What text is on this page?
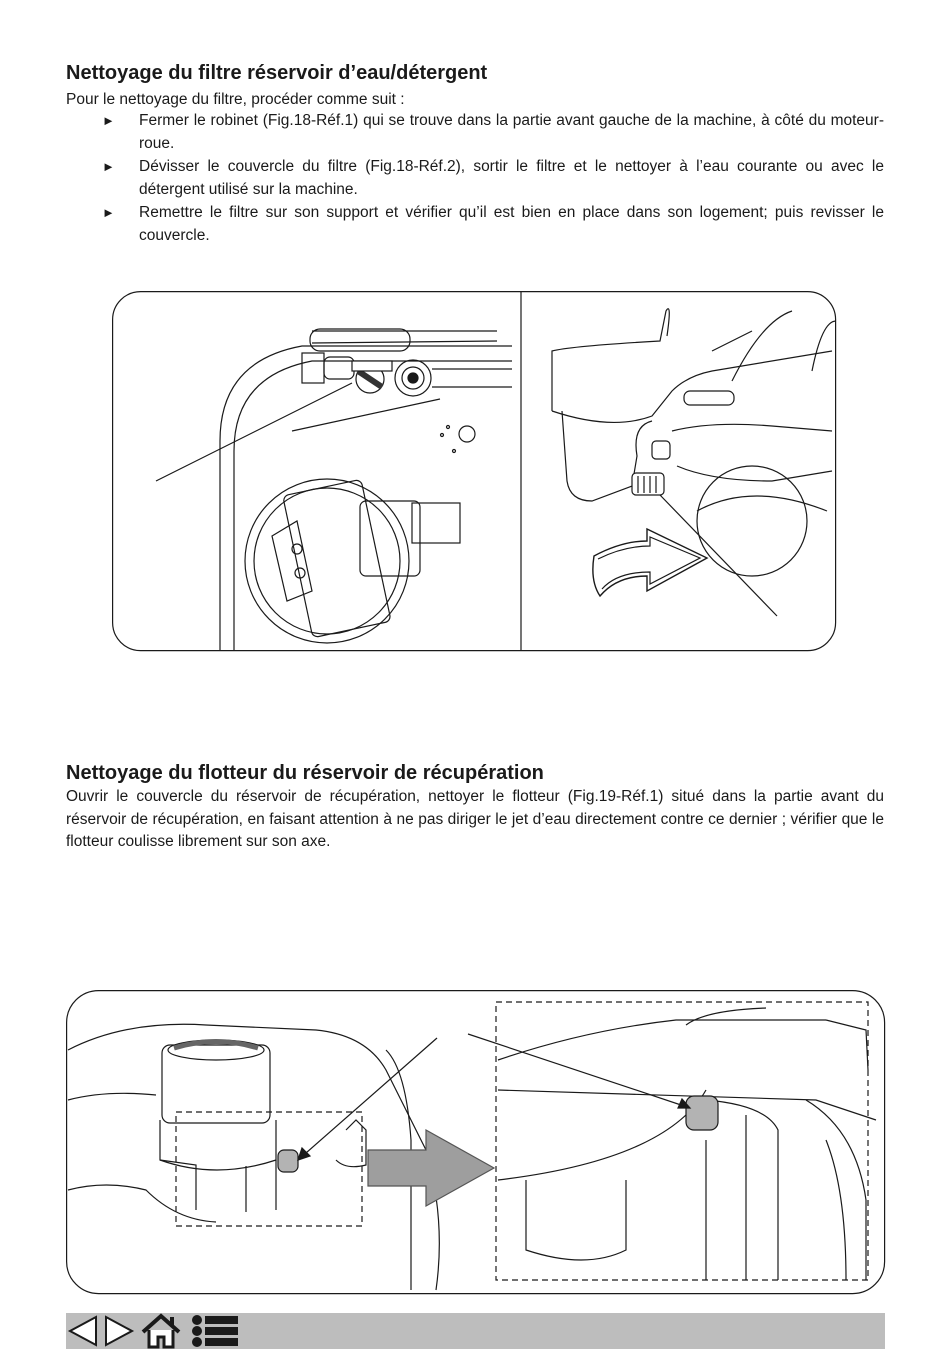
Nettoyage du filtre réservoir d’eau/détergent

Pour le nettoyage du filtre, procéder comme suit :

► Fermer le robinet (Fig.18-Réf.1) qui se trouve dans la partie avant gauche de la machine, à côté du moteur-roue.
► Dévisser le couvercle du filtre (Fig.18-Réf.2), sortir le filtre et le nettoyer à l’eau courante ou avec le détergent utilisé sur la machine.
► Remettre le filtre sur son support et vérifier qu’il est bien en place dans son logement; puis revisser le couvercle.
Nettoyage du flotteur du réservoir de récupération

Ouvrir le couvercle du réservoir de récupération, nettoyer le flotteur (Fig.19-Réf.1) situé dans la partie avant du réservoir de récupération, en faisant attention à ne pas diriger le jet d’eau directement contre ce dernier ; vérifier que le flotteur coulisse librement sur son axe.
